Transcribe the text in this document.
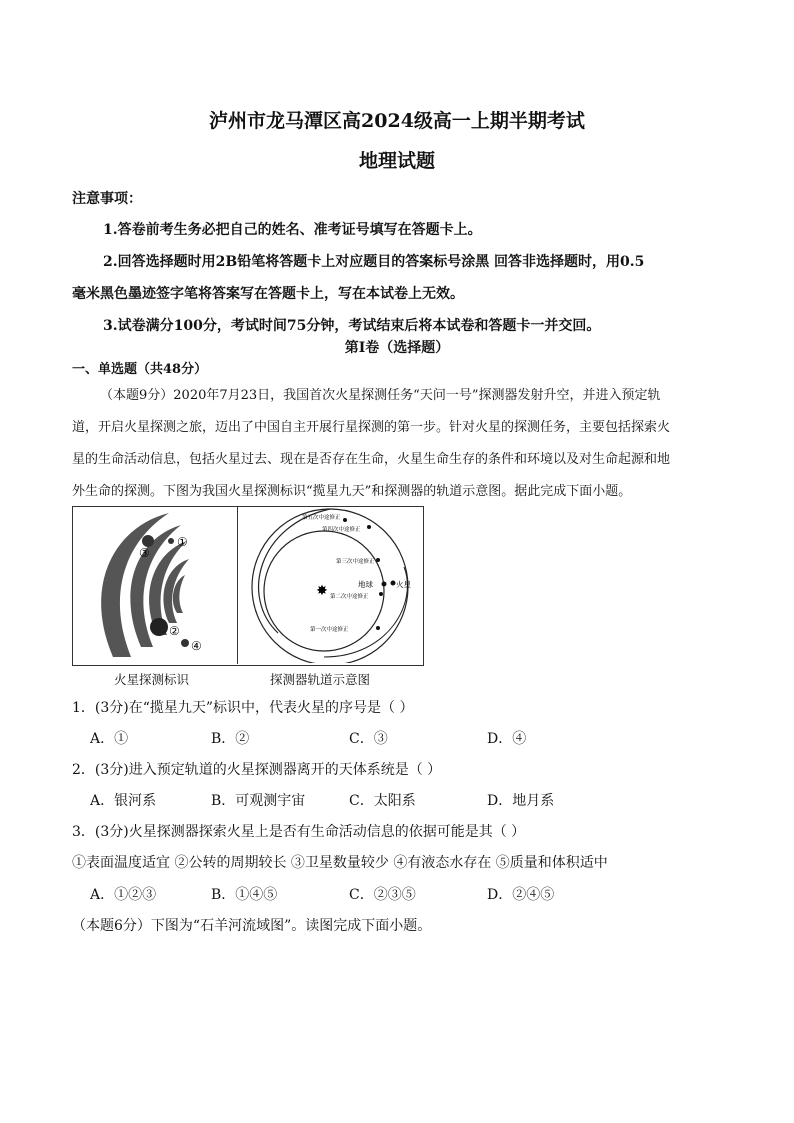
泸州市龙马潭区高2024级高一上期半期考试
地理试题
注意事项：
1.答卷前考生务必把自己的姓名、准考证号填写在答题卡上。
2.回答选择题时用2B铅笔将答题卡上对应题目的答案标号涂黑 回答非选择题时，用0.5
毫米黑色墨迹签字笔将答案写在答题卡上，写在本试卷上无效。
3.试卷满分100分，考试时间75分钟，考试结束后将本试卷和答题卡一并交回。
第Ⅰ卷（选择题）
一、单选题（共48分）
（本题9分）2020年7月23日，我国首次火星探测任务“天问一号”探测器发射升空，并进入预定轨
道，开启火星探测之旅，迈出了中国自主开展行星探测的第一步。针对火星的探测任务，主要包括探索火
星的生命活动信息，包括火星过去、现在是否存在生命，火星生命生存的条件和环境以及对生命起源和地
外生命的探测。下图为我国火星探测标识“揽星九天”和探测器的轨道示意图。据此完成下面小题。
①
②
③
④
✸
第五次中途修正
第四次中途修正
第三次中途修正
地球	火星
第二次中途修正
第一次中途修正
火星探测标识	探测器轨道示意图
1．(3分)在“揽星九天”标识中，代表火星的序号是（ ）
A．①	B．②	C．③	D．④
2．(3分)进入预定轨道的火星探测器离开的天体系统是（ ）
A．银河系	B．可观测宇宙	C．太阳系	D．地月系
3．(3分)火星探测器探索火星上是否有生命活动信息的依据可能是其（ ）
①表面温度适宜 ②公转的周期较长 ③卫星数量较少 ④有液态水存在 ⑤质量和体积适中
A．①②③	B．①④⑤	C．②③⑤	D．②④⑤
（本题6分）下图为“石羊河流域图”。读图完成下面小题。
